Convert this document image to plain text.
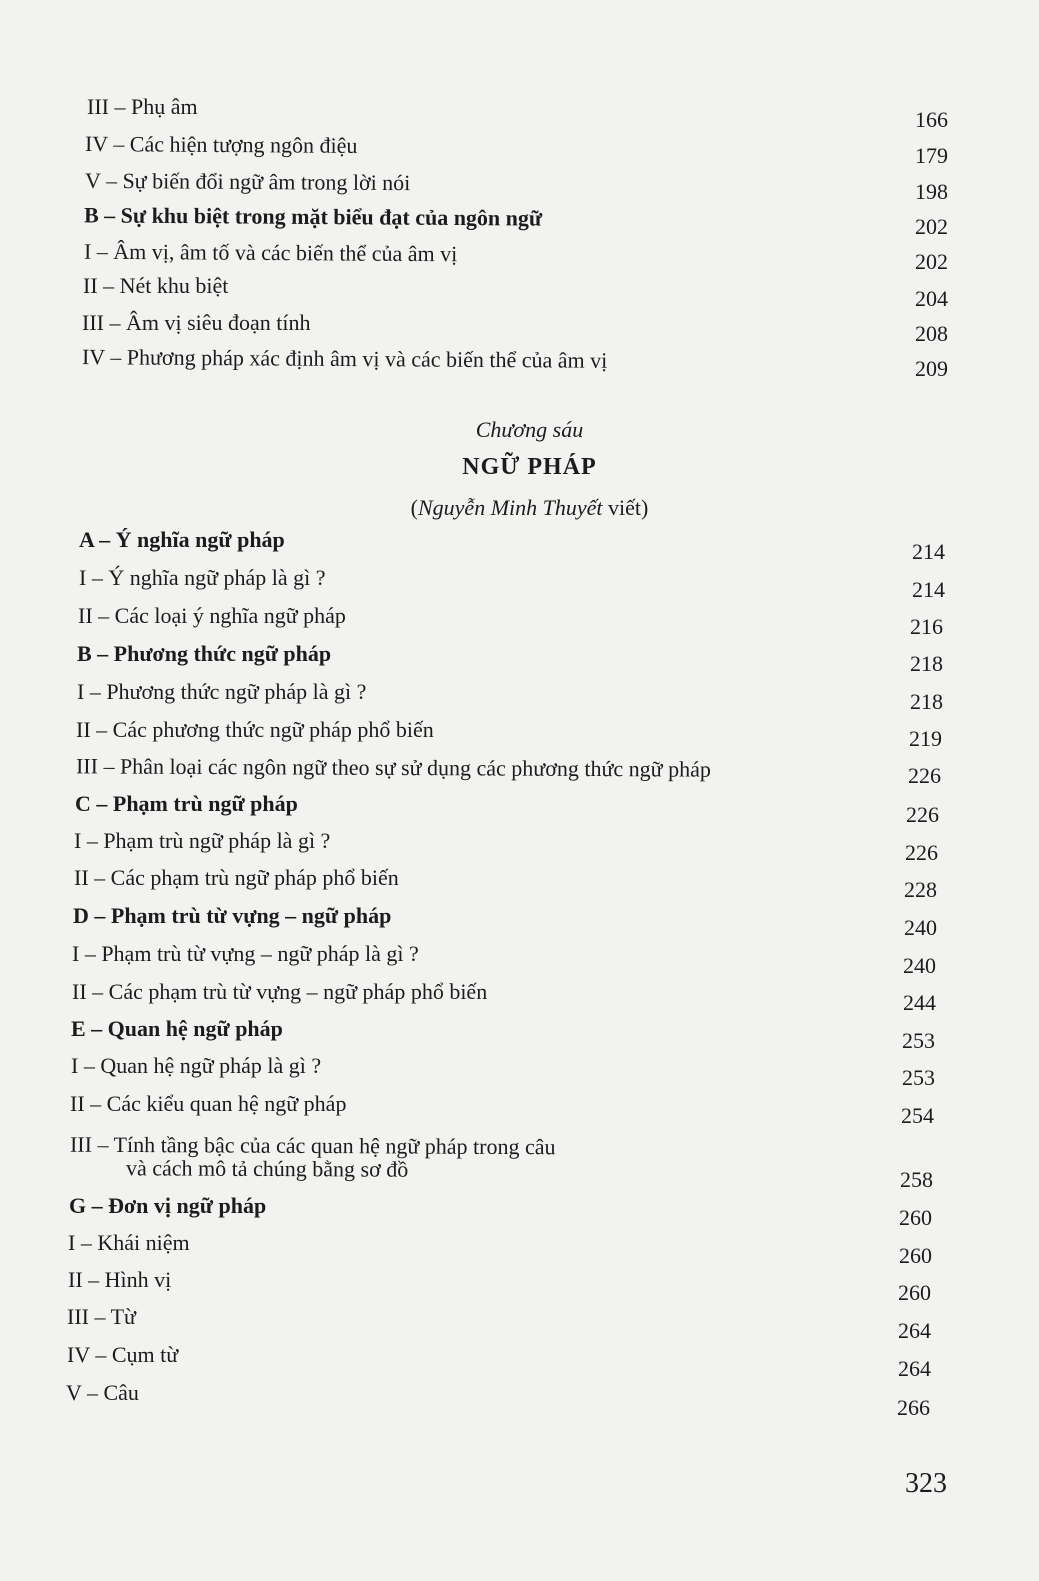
III – Phụ âm
IV – Các hiện tượng ngôn điệu
V – Sự biến đổi ngữ âm trong lời nói
B – Sự khu biệt trong mặt biểu đạt của ngôn ngữ
I – Âm vị, âm tố và các biến thể của âm vị
II – Nét khu biệt
III – Âm vị siêu đoạn tính
IV – Phương pháp xác định âm vị và các biến thể của âm vị
Chương sáu
NGỮ PHÁP
(Nguyễn Minh Thuyết viết)
A – Ý nghĩa ngữ pháp
I – Ý nghĩa ngữ pháp là gì ?
II – Các loại ý nghĩa ngữ pháp
B – Phương thức ngữ pháp
I – Phương thức ngữ pháp là gì ?
II – Các phương thức ngữ pháp phổ biến
III – Phân loại các ngôn ngữ theo sự sử dụng các phương thức ngữ pháp
C – Phạm trù ngữ pháp
I – Phạm trù ngữ pháp là gì ?
II – Các phạm trù ngữ pháp phổ biến
D – Phạm trù từ vựng – ngữ pháp
I – Phạm trù từ vựng – ngữ pháp là gì ?
II – Các phạm trù từ vựng – ngữ pháp phổ biến
E – Quan hệ ngữ pháp
I – Quan hệ ngữ pháp là gì ?
II – Các kiểu quan hệ ngữ pháp
III – Tính tầng bậc của các quan hệ ngữ pháp trong câu
và cách mô tả chúng bằng sơ đồ
G – Đơn vị ngữ pháp
I – Khái niệm
II – Hình vị
III – Từ
IV – Cụm từ
V – Câu
166
179
198
202
202
204
208
209
214
214
216
218
218
219
226
226
226
228
240
240
244
253
253
254
258
260
260
260
264
264
266
323
